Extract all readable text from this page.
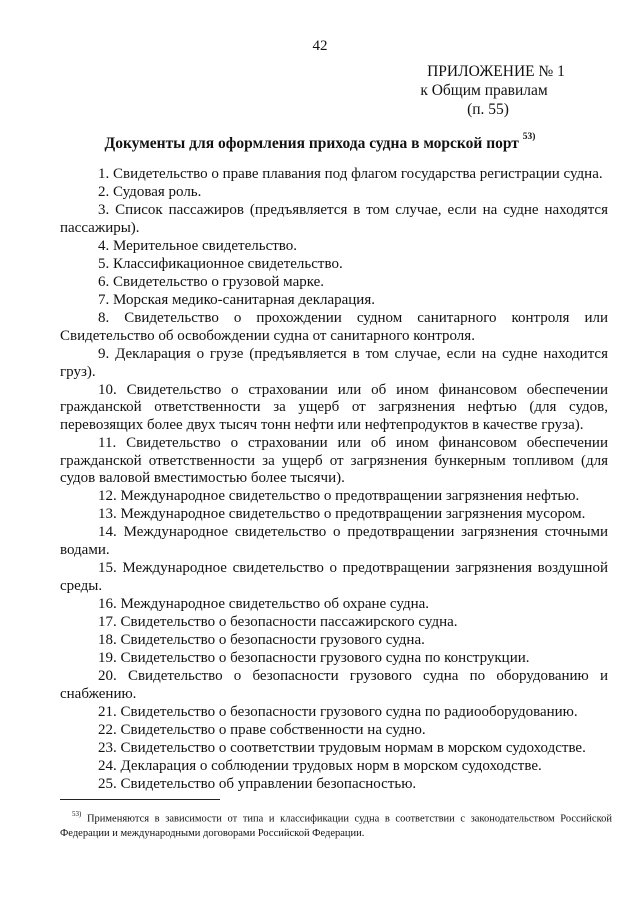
42
ПРИЛОЖЕНИЕ № 1
к Общим правилам
(п. 55)
Документы для оформления прихода судна в морской порт $^{53)}$
1. Свидетельство о праве плавания под флагом государства регистрации судна.
2. Судовая роль.
3. Список пассажиров (предъявляется в том случае, если на судне находятся пассажиры).
4. Мерительное свидетельство.
5. Классификационное свидетельство.
6. Свидетельство о грузовой марке.
7. Морская медико-санитарная декларация.
8. Свидетельство о прохождении судном санитарного контроля или Свидетельство об освобождении судна от санитарного контроля.
9. Декларация о грузе (предъявляется в том случае, если на судне находится груз).
10. Свидетельство о страховании или об ином финансовом обеспечении гражданской ответственности за ущерб от загрязнения нефтью (для судов, перевозящих более двух тысяч тонн нефти или нефтепродуктов в качестве груза).
11. Свидетельство о страховании или об ином финансовом обеспечении гражданской ответственности за ущерб от загрязнения бункерным топливом (для судов валовой вместимостью более тысячи).
12. Международное свидетельство о предотвращении загрязнения нефтью.
13. Международное свидетельство о предотвращении загрязнения мусором.
14. Международное свидетельство о предотвращении загрязнения сточными водами.
15. Международное свидетельство о предотвращении загрязнения воздушной среды.
16. Международное свидетельство об охране судна.
17. Свидетельство о безопасности пассажирского судна.
18. Свидетельство о безопасности грузового судна.
19. Свидетельство о безопасности грузового судна по конструкции.
20. Свидетельство о безопасности грузового судна по оборудованию и снабжению.
21. Свидетельство о безопасности грузового судна по радиооборудованию.
22. Свидетельство о праве собственности на судно.
23. Свидетельство о соответствии трудовым нормам в морском судоходстве.
24. Декларация о соблюдении трудовых норм в морском судоходстве.
25. Свидетельство об управлении безопасностью.
$^{53)}$ Применяются в зависимости от типа и классификации судна в соответствии с законодательством Российской Федерации и международными договорами Российской Федерации.
